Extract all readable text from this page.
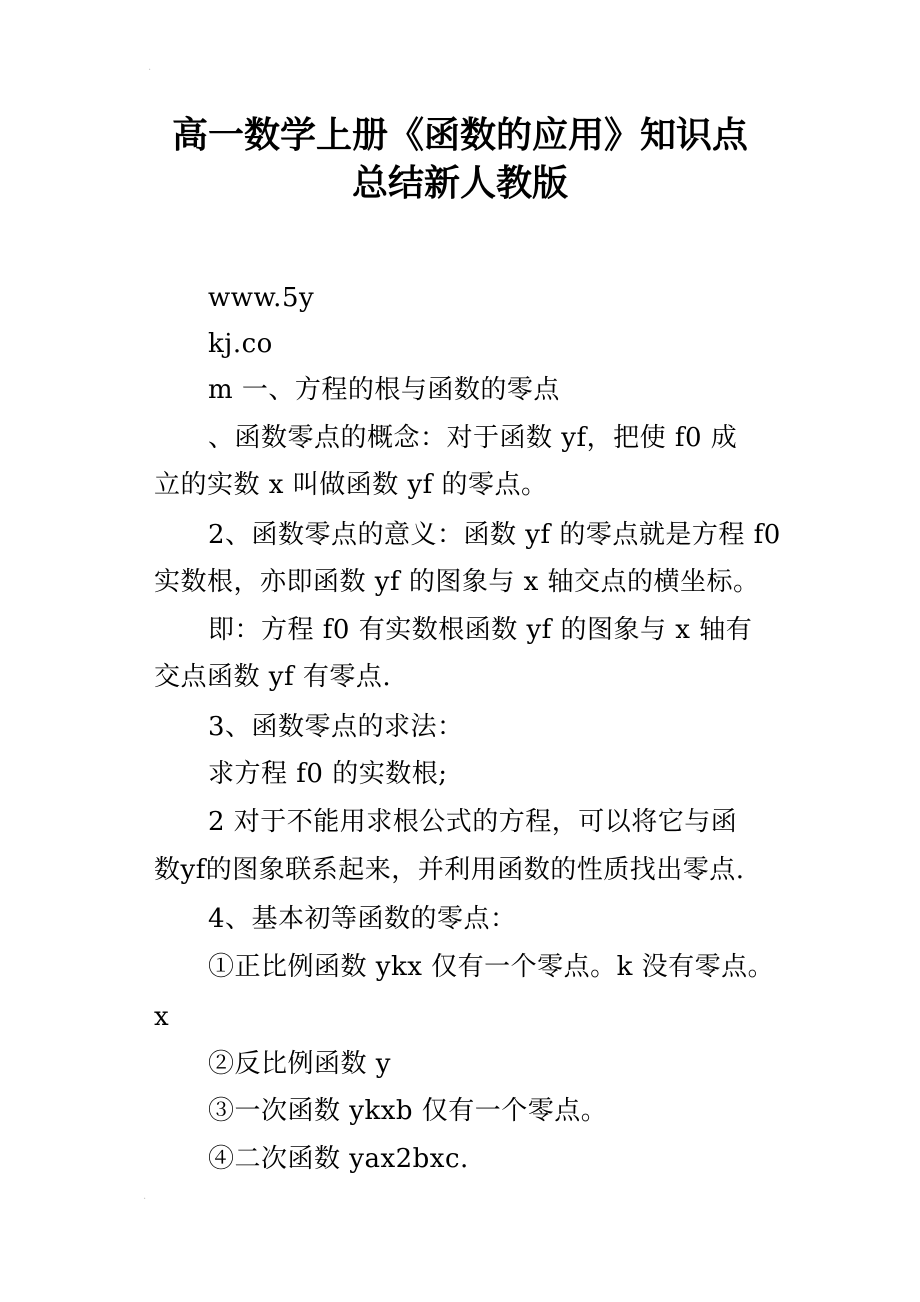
·
高一数学上册《函数的应用》知识点
总结新人教版
www.5y
kj.co
m 一、方程的根与函数的零点
、函数零点的概念：对于函数 yf，把使 f0 成
立的实数 x 叫做函数 yf 的零点。
2、函数零点的意义：函数 yf 的零点就是方程 f0
实数根，亦即函数 yf 的图象与 x 轴交点的横坐标。
即：方程 f0 有实数根函数 yf 的图象与 x 轴有
交点函数 yf 有零点.
3、函数零点的求法：
求方程 f0 的实数根;
2 对于不能用求根公式的方程，可以将它与函
数yf的图象联系起来，并利用函数的性质找出零点.
4、基本初等函数的零点：
①正比例函数 ykx 仅有一个零点。k 没有零点。
x
②反比例函数 y
③一次函数 ykxb 仅有一个零点。
④二次函数 yax2bxc.
·
